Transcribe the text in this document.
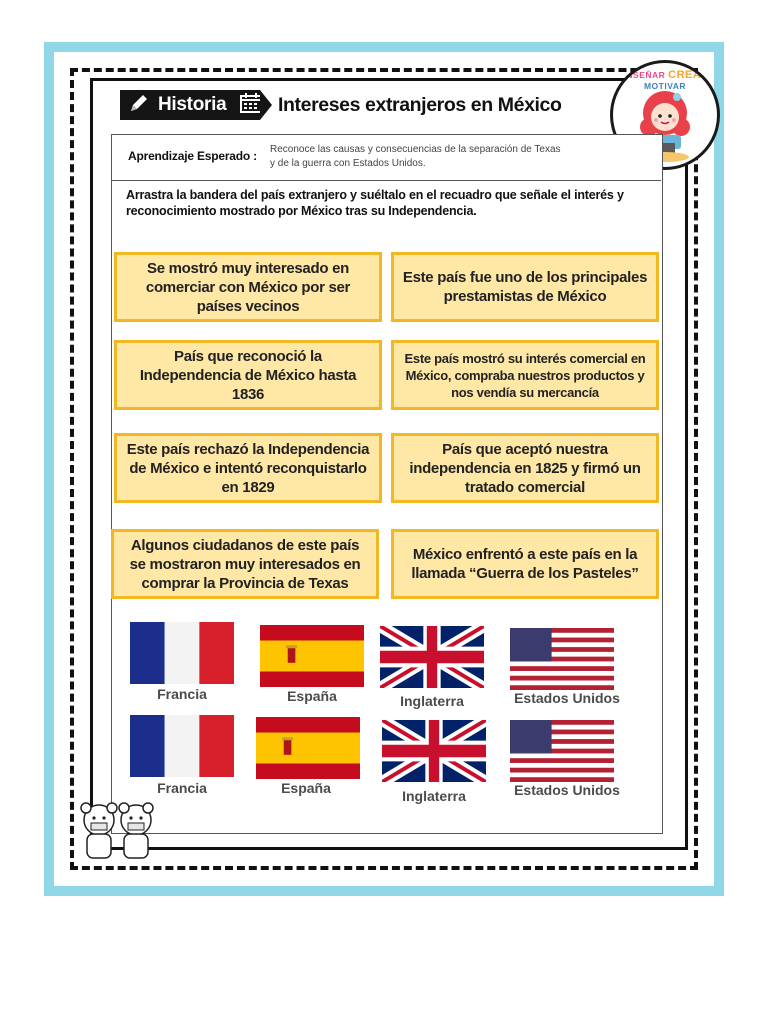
Historia	Intereses extranjeros en México
ENSEÑAR CREAR MOTIVAR
Aprendizaje Esperado : Reconoce las causas y consecuencias de la separación de Texas
y de la guerra con Estados Unidos.
Arrastra la bandera del país extranjero y suéltalo en el recuadro que señale el interés y
reconocimiento mostrado por México tras su Independencia.
Se mostró muy interesado en comerciar con México por ser países vecinos
Este país fue uno de los principales prestamistas de México
País que reconoció la Independencia de México hasta 1836
Este país mostró su interés comercial en México, compraba nuestros productos y nos vendía su mercancía
Este país rechazó la Independencia de México e intentó reconquistarlo en 1829
País que aceptó nuestra independencia en 1825 y firmó un tratado comercial
Algunos ciudadanos de este país se mostraron muy interesados en comprar la Provincia de Texas
México enfrentó a este país en la llamada “Guerra de los Pasteles”
Francia	España	Inglaterra	Estados Unidos
Francia	España	Inglaterra	Estados Unidos
